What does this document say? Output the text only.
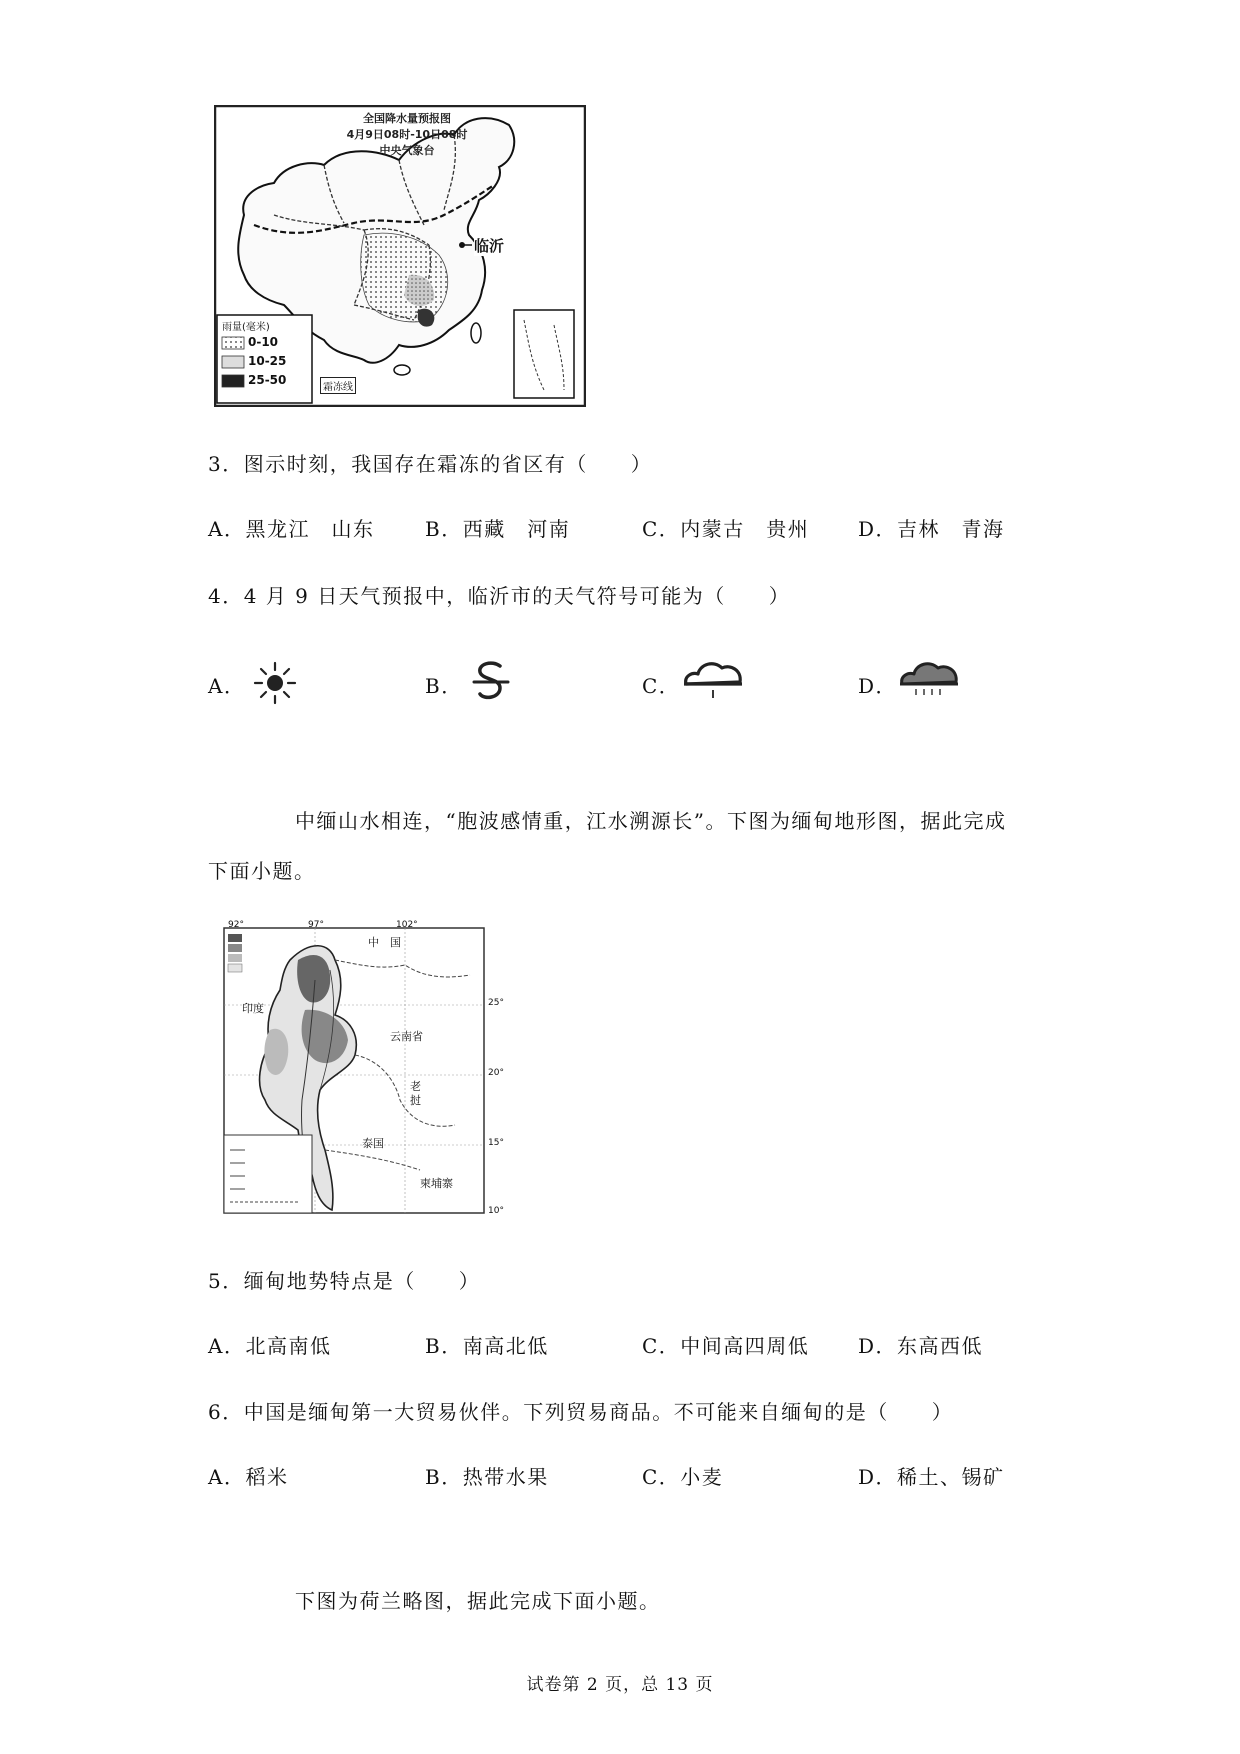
全国降水量预报图
4月9日08时-10日08时
中央气象台
临沂
雨量(毫米)
0-10
10-25
25-50
霜冻线
3．图示时刻，我国存在霜冻的省区有（　　）
A．黑龙江　山东	B．西藏　河南	C．内蒙古　贵州 D．吉林　青海
4．4 月 9 日天气预报中，临沂市的天气符号可能为（　　）
A．	B．	C．	D．
中缅山水相连，“胞波感情重，江水溯源长”。下图为缅甸地形图，据此完成
下面小题。
中　国
云南省
老挝
泰国
柬埔寨
印度	25°
20°
15°
10°
92°	97°	102°
5．缅甸地势特点是（　　）
A．北高南低	B．南高北低	C．中间高四周低 D．东高西低
6．中国是缅甸第一大贸易伙伴。下列贸易商品。不可能来自缅甸的是（　　）
A．稻米	B．热带水果	C．小麦	D．稀土、锡矿
下图为荷兰略图，据此完成下面小题。
试卷第 2 页，总 13 页
